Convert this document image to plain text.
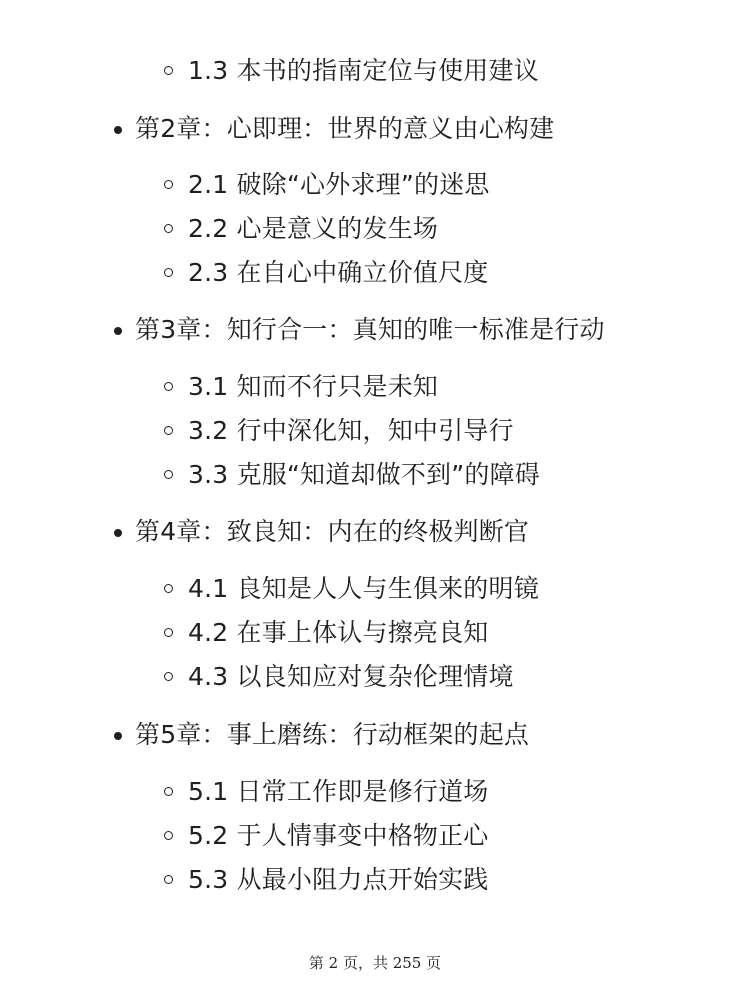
1.3 本书的指南定位与使用建议
第2章：心即理：世界的意义由心构建
2.1 破除“心外求理”的迷思
2.2 心是意义的发生场
2.3 在自心中确立价值尺度
第3章：知行合一：真知的唯一标准是行动
3.1 知而不行只是未知
3.2 行中深化知，知中引导行
3.3 克服“知道却做不到”的障碍
第4章：致良知：内在的终极判断官
4.1 良知是人人与生俱来的明镜
4.2 在事上体认与擦亮良知
4.3 以良知应对复杂伦理情境
第5章：事上磨练：行动框架的起点
5.1 日常工作即是修行道场
5.2 于人情事变中格物正心
5.3 从最小阻力点开始实践
第 2 页，共 255 页
